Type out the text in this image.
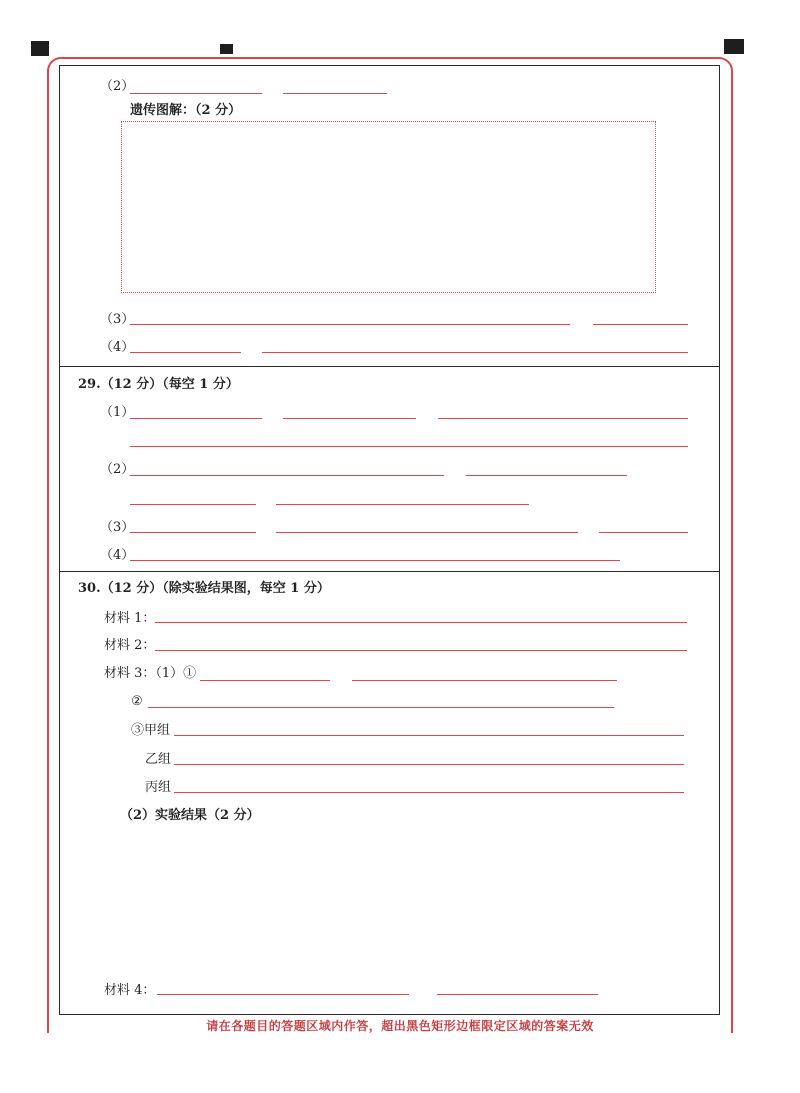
（2）
遗传图解：（2 分）
（3）
（4）
29.（12 分）（每空 1 分）
（1）
（2）
（3）
（4）
30.（12 分）（除实验结果图，每空 1 分）
材料 1：
材料 2：
材料 3：（1）①
②
③甲组
乙组
丙组
（2）实验结果（2 分）
材料 4：
请在各题目的答题区域内作答，超出黑色矩形边框限定区域的答案无效
